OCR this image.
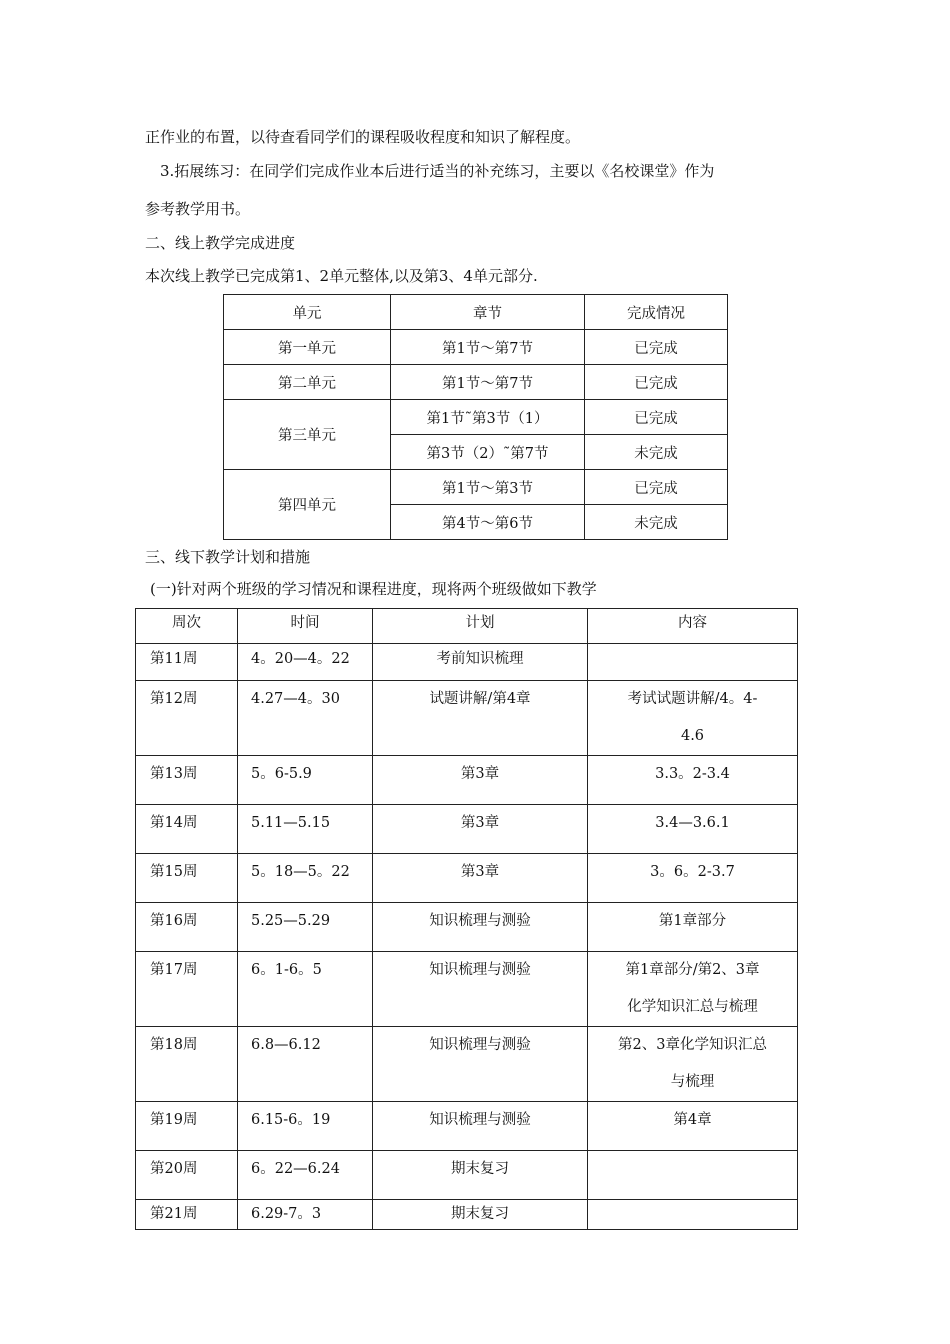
正作业的布置，以待查看同学们的课程吸收程度和知识了解程度。
3.拓展练习：在同学们完成作业本后进行适当的补充练习，主要以《名校课堂》作为
参考教学用书。
二、线上教学完成进度
本次线上教学已完成第1、2单元整体,以及第3、4单元部分.
单元	章节	完成情况
第一单元	第1节～第7节	已完成
第二单元	第1节～第7节	已完成
第三单元	第1节˜第3节（1）	已完成
	第3节（2）˜第7节	未完成
第四单元	第1节～第3节	已完成
	第4节～第6节	未完成
三、线下教学计划和措施
(一)针对两个班级的学习情况和课程进度，现将两个班级做如下教学
周次	时间	计划	内容
第11周	4。20—4。22	考前知识梳理	

第12周	4.27—4。30	试题讲解/第4章	考试试题讲解/4。4-
4.6

第13周	5。6-5.9	第3章	3.3。2-3.4

第14周	5.11—5.15	第3章	3.4—3.6.1

第15周	5。18—5。22	第3章	3。6。2-3.7

第16周	5.25—5.29	知识梳理与测验	第1章部分

第17周	6。1-6。5	知识梳理与测验	第1章部分/第2、3章
化学知识汇总与梳理

第18周	6.8—6.12	知识梳理与测验	第2、3章化学知识汇总
与梳理

第19周	6.15-6。19	知识梳理与测验	第4章

第20周	6。22—6.24	期末复习	

第21周	6.29-7。3	期末复习	
